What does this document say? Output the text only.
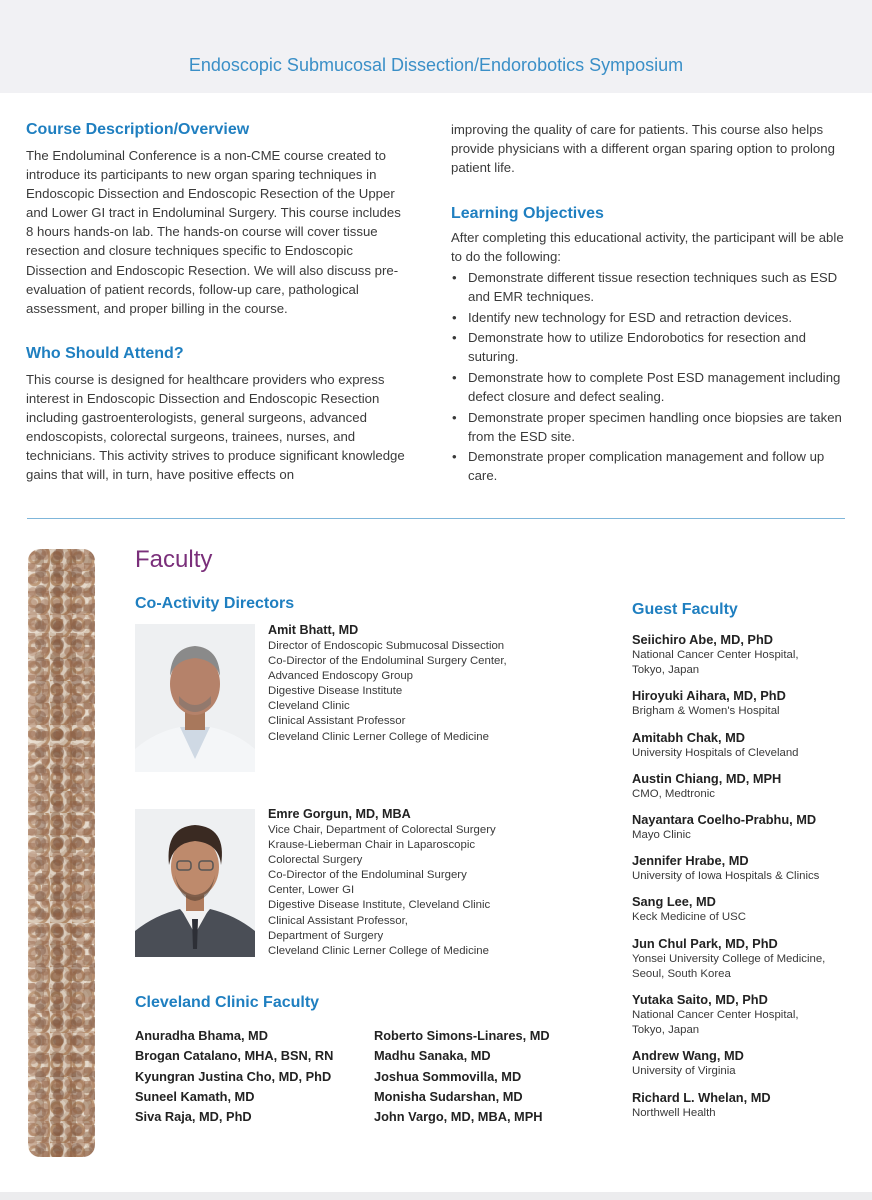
Endoscopic Submucosal Dissection/Endorobotics Symposium
Course Description/Overview

The Endoluminal Conference is a non-CME course created to introduce its participants to new organ sparing techniques in Endoscopic Dissection and Endoscopic Resection of the Upper and Lower GI tract in Endoluminal Surgery. This course includes 8 hours hands-on lab. The hands-on course will cover tissue resection and closure techniques specific to Endoscopic Dissection and Endoscopic Resection. We will also discuss pre-evaluation of patient records, follow-up care, pathological assessment, and proper billing in the course.

Who Should Attend?

This course is designed for healthcare providers who express interest in Endoscopic Dissection and Endoscopic Resection including gastroenterologists, general surgeons, advanced endoscopists, colorectal surgeons, trainees, nurses, and technicians. This activity strives to produce significant knowledge gains that will, in turn, have positive effects on

improving the quality of care for patients. This course also helps provide physicians with a different organ sparing option to prolong patient life.

Learning Objectives

After completing this educational activity, the participant will be able to do the following:

• Demonstrate different tissue resection techniques such as ESD and EMR techniques.
• Identify new technology for ESD and retraction devices.
• Demonstrate how to utilize Endorobotics for resection and suturing.
• Demonstrate how to complete Post ESD management including defect closure and defect sealing.
• Demonstrate proper specimen handling once biopsies are taken from the ESD site.
• Demonstrate proper complication management and follow up care.
Faculty
Co-Activity Directors
Amit Bhatt, MD
Director of Endoscopic Submucosal Dissection
Co-Director of the Endoluminal Surgery Center,
Advanced Endoscopy Group
Digestive Disease Institute
Cleveland Clinic
Clinical Assistant Professor
Cleveland Clinic Lerner College of Medicine
Emre Gorgun, MD, MBA
Vice Chair, Department of Colorectal Surgery
Krause-Lieberman Chair in Laparoscopic
Colorectal Surgery
Co-Director of the Endoluminal Surgery
Center, Lower GI
Digestive Disease Institute, Cleveland Clinic
Clinical Assistant Professor,
Department of Surgery
Cleveland Clinic Lerner College of Medicine
Guest Faculty
Seiichiro Abe, MD, PhD
National Cancer Center Hospital,
Tokyo, Japan
Hiroyuki Aihara, MD, PhD
Brigham & Women's Hospital
Amitabh Chak, MD
University Hospitals of Cleveland
Austin Chiang, MD, MPH
CMO, Medtronic
Nayantara Coelho-Prabhu, MD
Mayo Clinic
Jennifer Hrabe, MD
University of Iowa Hospitals & Clinics
Sang Lee, MD
Keck Medicine of USC
Jun Chul Park, MD, PhD
Yonsei University College of Medicine,
Seoul, South Korea
Yutaka Saito, MD, PhD
National Cancer Center Hospital,
Tokyo, Japan
Andrew Wang, MD
University of Virginia
Richard L. Whelan, MD
Northwell Health
Cleveland Clinic Faculty
Anuradha Bhama, MD
Brogan Catalano, MHA, BSN, RN
Kyungran Justina Cho, MD, PhD
Suneel Kamath, MD
Siva Raja, MD, PhD
Roberto Simons-Linares, MD
Madhu Sanaka, MD
Joshua Sommovilla, MD
Monisha Sudarshan, MD
John Vargo, MD, MBA, MPH
